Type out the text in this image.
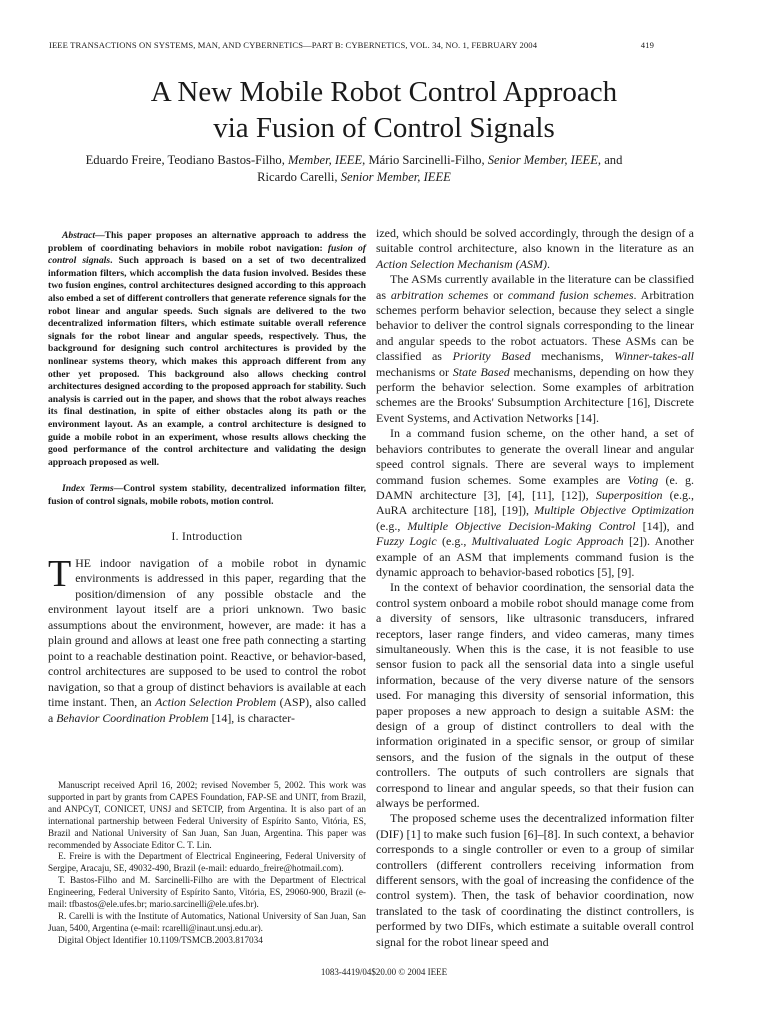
IEEE TRANSACTIONS ON SYSTEMS, MAN, AND CYBERNETICS—PART B: CYBERNETICS, VOL. 34, NO. 1, FEBRUARY 2004	419
A New Mobile Robot Control Approach
via Fusion of Control Signals
Eduardo Freire, Teodiano Bastos-Filho, Member, IEEE, Mário Sarcinelli-Filho, Senior Member, IEEE, and
Ricardo Carelli, Senior Member, IEEE

Abstract—This paper proposes an alternative approach to address the problem of coordinating behaviors in mobile robot navigation: fusion of control signals. Such approach is based on a set of two decentralized information filters, which accomplish the data fusion involved. Besides these two fusion engines, control architectures designed according to this approach also embed a set of different controllers that generate reference signals for the robot linear and angular speeds. Such signals are delivered to the two decentralized information filters, which estimate suitable overall reference signals for the robot linear and angular speeds, respectively. Thus, the background for designing such control architectures is provided by the nonlinear systems theory, which makes this approach different from any other yet proposed. This background also allows checking control architectures designed according to the proposed approach for stability. Such analysis is carried out in the paper, and shows that the robot always reaches its final destination, in spite of either obstacles along its path or the environment layout. As an example, a control architecture is designed to guide a mobile robot in an experiment, whose results allows checking the good performance of the control architecture and validating the design approach proposed as well.

Index Terms—Control system stability, decentralized information filter, fusion of control signals, mobile robots, motion control.

I. Introduction

THE indoor navigation of a mobile robot in dynamic environments is addressed in this paper, regarding that the position/dimension of any possible obstacle and the environment layout itself are a priori unknown. Two basic assumptions about the environment, however, are made: it has a plain ground and allows at least one free path connecting a starting point to a reachable destination point. Reactive, or behavior-based, control architectures are supposed to be used to control the robot navigation, so that a group of distinct behaviors is available at each time instant. Then, an Action Selection Problem (ASP), also called a Behavior Coordination Problem [14], is character-

Manuscript received April 16, 2002; revised November 5, 2002. This work was supported in part by grants from CAPES Foundation, FAP-SE and UNIT, from Brazil, and ANPCyT, CONICET, UNSJ and SETCIP, from Argentina. It is also part of an international partnership between Federal University of Espírito Santo, Vitória, ES, Brazil and National University of San Juan, San Juan, Argentina. This paper was recommended by Associate Editor C. T. Lin.

E. Freire is with the Department of Electrical Engineering, Federal University of Sergipe, Aracaju, SE, 49032-490, Brazil (e-mail: eduardo_freire@hotmail.com).

T. Bastos-Filho and M. Sarcinelli-Filho are with the Department of Electrical Engineering, Federal University of Espírito Santo, Vitória, ES, 29060-900, Brazil (e-mail: tfbastos@ele.ufes.br; mario.sarcinelli@ele.ufes.br).

R. Carelli is with the Institute of Automatics, National University of San Juan, San Juan, 5400, Argentina (e-mail: rcarelli@inaut.unsj.edu.ar).

Digital Object Identifier 10.1109/TSMCB.2003.817034

ized, which should be solved accordingly, through the design of a suitable control architecture, also known in the literature as an Action Selection Mechanism (ASM).

The ASMs currently available in the literature can be classified as arbitration schemes or command fusion schemes. Arbitration schemes perform behavior selection, because they select a single behavior to deliver the control signals corresponding to the linear and angular speeds to the robot actuators. These ASMs can be classified as Priority Based mechanisms, Winner-takes-all mechanisms or State Based mechanisms, depending on how they perform the behavior selection. Some examples of arbitration schemes are the Brooks' Subsumption Architecture [16], Discrete Event Systems, and Activation Networks [14].

In a command fusion scheme, on the other hand, a set of behaviors contributes to generate the overall linear and angular speed control signals. There are several ways to implement command fusion schemes. Some examples are Voting (e. g. DAMN architecture [3], [4], [11], [12]), Superposition (e.g., AuRA architecture [18], [19]), Multiple Objective Optimization (e.g., Multiple Objective Decision-Making Control [14]), and Fuzzy Logic (e.g., Multivaluated Logic Approach [2]). Another example of an ASM that implements command fusion is the dynamic approach to behavior-based robotics [5], [9].

In the context of behavior coordination, the sensorial data the control system onboard a mobile robot should manage come from a diversity of sensors, like ultrasonic transducers, infrared receptors, laser range finders, and video cameras, many times simultaneously. When this is the case, it is not feasible to use sensor fusion to pack all the sensorial data into a single useful information, because of the very diverse nature of the sensors used. For managing this diversity of sensorial information, this paper proposes a new approach to design a suitable ASM: the design of a group of distinct controllers to deal with the information originated in a specific sensor, or group of similar sensors, and the fusion of the signals in the output of these controllers. The outputs of such controllers are signals that correspond to linear and angular speeds, so that their fusion can always be performed.

The proposed scheme uses the decentralized information filter (DIF) [1] to make such fusion [6]–[8]. In such context, a behavior corresponds to a single controller or even to a group of similar controllers (different controllers receiving information from different sensors, with the goal of increasing the confidence of the control system). Then, the task of behavior coordination, now translated to the task of coordinating the distinct controllers, is performed by two DIFs, which estimate a suitable overall control signal for the robot linear speed and

1083-4419/04$20.00 © 2004 IEEE
